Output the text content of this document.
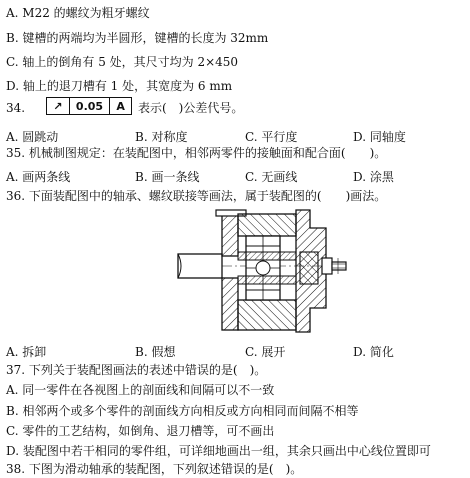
A. M22 的螺纹为粗牙螺纹
B. 键槽的两端均为半圆形，键槽的长度为 32mm
C. 轴上的倒角有 5 处，其尺寸均为 2×450
D. 轴上的退刀槽有 1 处，其宽度为 6 mm
34.	↗	0.05	A	表示(　)公差代号。
A. 圆跳动	B. 对称度	C. 平行度	D. 同轴度
35. 机械制图规定：在装配图中，相邻两零件的接触面和配合面(　　)。
A. 画两条线	B. 画一条线	C. 无画线	D. 涂黑
36. 下面装配图中的轴承、螺纹联接等画法，属于装配图的(　　)画法。
A. 拆卸	B. 假想	C. 展开	D. 简化
37. 下列关于装配图画法的表述中错误的是(　)。
A. 同一零件在各视图上的剖面线和间隔可以不一致
B. 相邻两个或多个零件的剖面线方向相反或方向相同而间隔不相等
C. 零件的工艺结构，如倒角、退刀槽等，可不画出
D. 装配图中若干相同的零件组，可详细地画出一组，其余只画出中心线位置即可
38. 下图为滑动轴承的装配图，下列叙述错误的是(　)。
